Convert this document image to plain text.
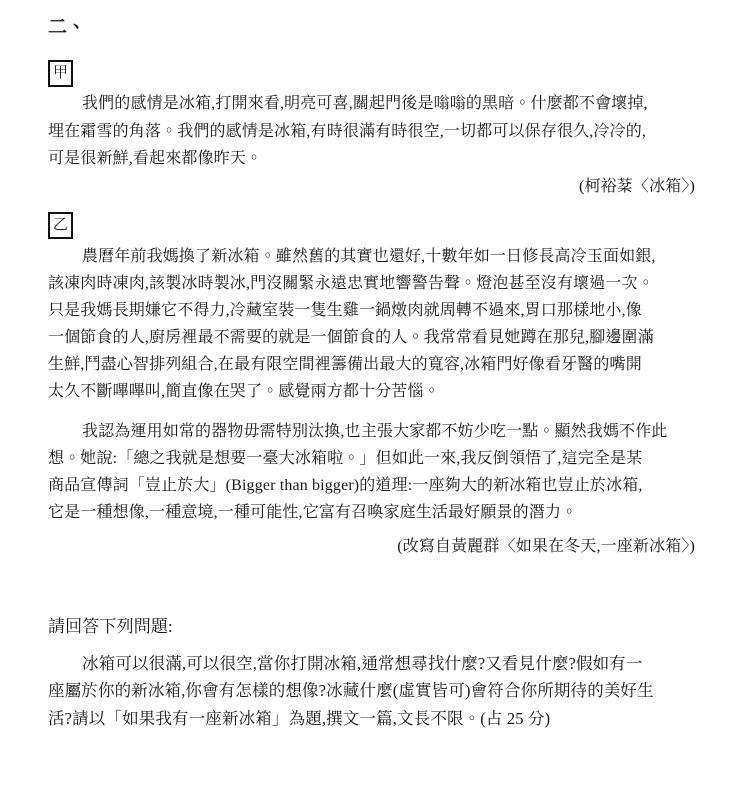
二、
甲
我們的感情是冰箱,打開來看,明亮可喜,關起門後是嗡嗡的黑暗。什麼都不會壞掉,
埋在霜雪的角落。我們的感情是冰箱,有時很滿有時很空,一切都可以保存很久,冷冷的,
可是很新鮮,看起來都像昨天。
(柯裕棻〈冰箱〉)
乙
農曆年前我媽換了新冰箱。雖然舊的其實也還好,十數年如一日修長高冷玉面如銀,
該凍肉時凍肉,該製冰時製冰,門沒關緊永遠忠實地響警告聲。燈泡甚至沒有壞過一次。
只是我媽長期嫌它不得力,冷藏室裝一隻生雞一鍋燉肉就周轉不過來,胃口那樣地小,像
一個節食的人,廚房裡最不需要的就是一個節食的人。我常常看見她蹲在那兒,腳邊圍滿
生鮮,鬥盡心智排列組合,在最有限空間裡籌備出最大的寬容,冰箱門好像看牙醫的嘴開
太久不斷嗶嗶叫,簡直像在哭了。感覺兩方都十分苦惱。
我認為運用如常的器物毋需特別汰換,也主張大家都不妨少吃一點。顯然我媽不作此
想。她說:「總之我就是想要一臺大冰箱啦。」但如此一來,我反倒領悟了,這完全是某
商品宣傳詞「豈止於大」(Bigger than bigger)的道理:一座夠大的新冰箱也豈止於冰箱,
它是一種想像,一種意境,一種可能性,它富有召喚家庭生活最好願景的潛力。
(改寫自黃麗群〈如果在冬天,一座新冰箱〉)
請回答下列問題:
冰箱可以很滿,可以很空,當你打開冰箱,通常想尋找什麼?又看見什麼?假如有一
座屬於你的新冰箱,你會有怎樣的想像?冰藏什麼(虛實皆可)會符合你所期待的美好生
活?請以「如果我有一座新冰箱」為題,撰文一篇,文長不限。(占 25 分)
